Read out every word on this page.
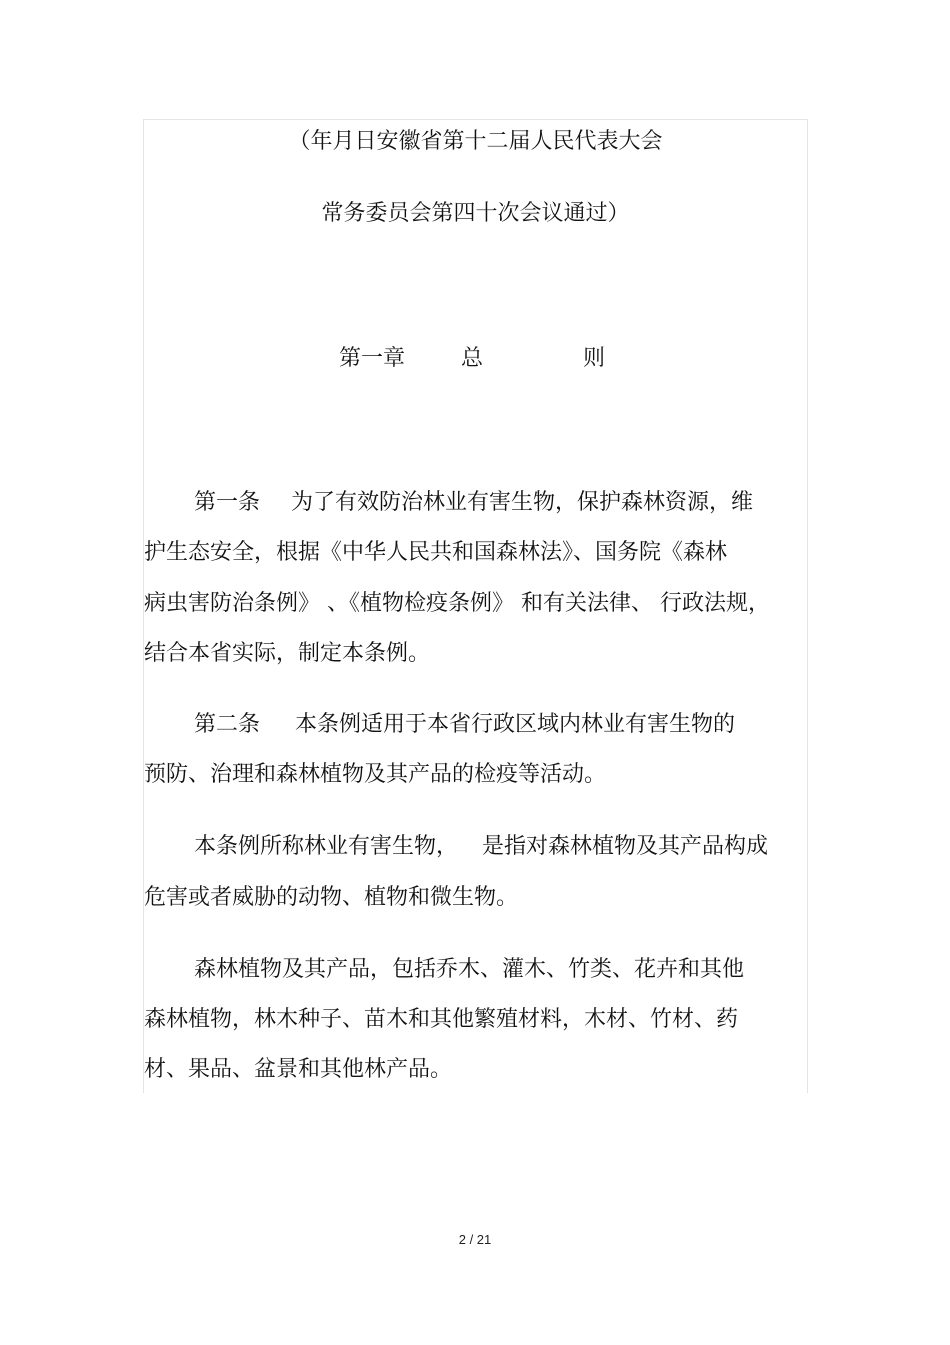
（年月日安徽省第十二届人民代表大会
常务委员会第四十次会议通过）
第一章	总	则
第一条 为了有效防治林业有害生物，保护森林资源，维
护生态安全，根据《中华人民共和国森林法》、国务院《森林
病虫害防治条例》 、《植物检疫条例》 和有关法律、 行政法规，
结合本省实际，制定本条例。
第二条 本条例适用于本省行政区域内林业有害生物的
预防、治理和森林植物及其产品的检疫等活动。
本条例所称林业有害生物， 是指对森林植物及其产品构成
危害或者威胁的动物、植物和微生物。
森林植物及其产品，包括乔木、灌木、竹类、花卉和其他
森林植物，林木种子、苗木和其他繁殖材料，木材、竹材、药
材、果品、盆景和其他林产品。
2 / 21
